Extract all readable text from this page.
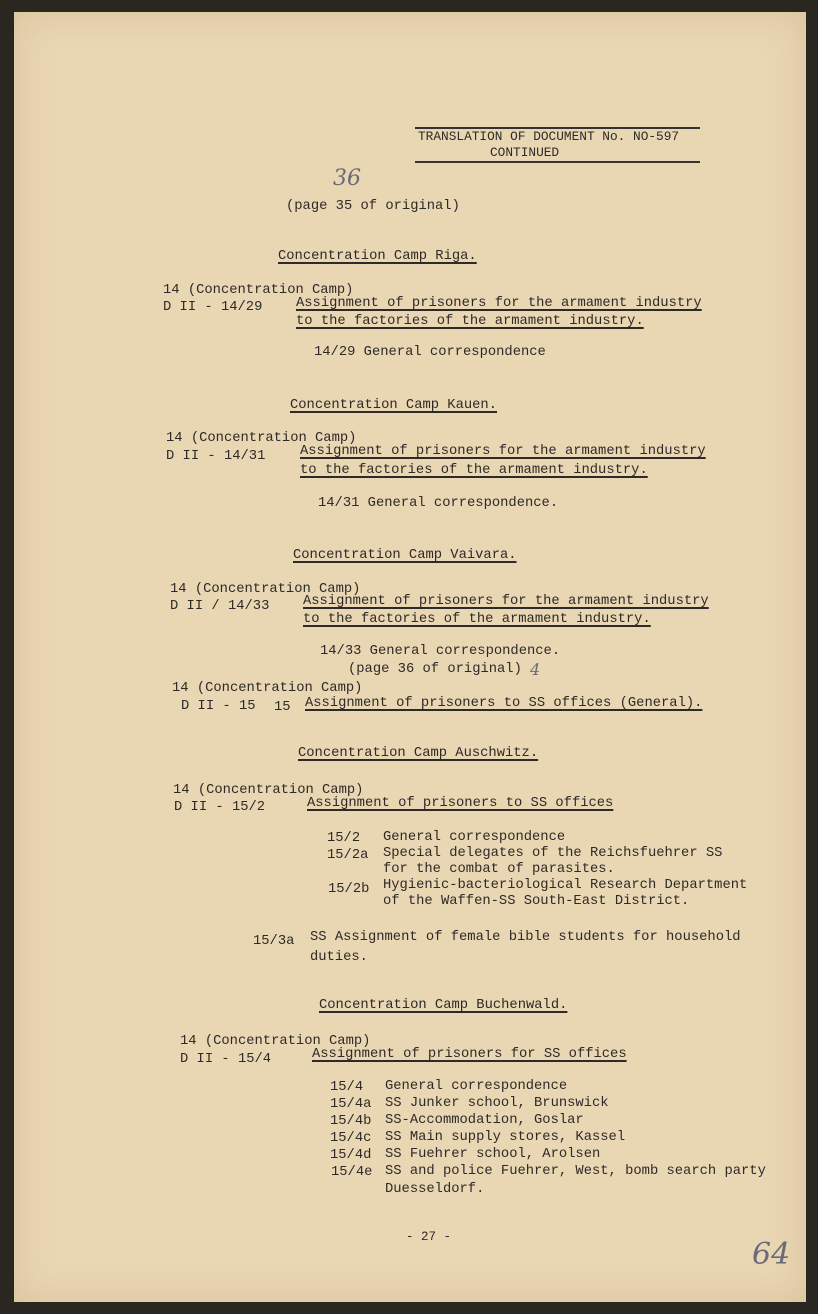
TRANSLATION OF DOCUMENT No. NO-597
CONTINUED
36
(page 35 of original)
Concentration Camp Riga.
14 (Concentration Camp)
D II - 14/29 Assignment of prisoners for the armament industry
to the factories of the armament industry.
14/29 General correspondence
Concentration Camp Kauen.
14 (Concentration Camp)
D II - 14/31	Assignment of prisoners for the armament industry
to the factories of the armament industry.
14/31 General correspondence.
Concentration Camp Vaivara.
14 (Concentration Camp)
D II / 14/33 Assignment of prisoners for the armament industry
to the factories of the armament industry.
14/33 General correspondence.
(page 36 of original) 4
14 (Concentration Camp)
D II - 15 15 Assignment of prisoners to SS offices (General).
Concentration Camp Auschwitz.
14 (Concentration Camp)
D II - 15/2	Assignment of prisoners to SS offices
15/2 General correspondence
15/2a Special delegates of the Reichsfuehrer SS
for the combat of parasites.
15/2b Hygienic-bacteriological Research Department
of the Waffen-SS South-East District.
15/3a SS Assignment of female bible students for household
duties.
Concentration Camp Buchenwald.
14 (Concentration Camp)
D II - 15/4	Assignment of prisoners for SS offices
15/4 General correspondence
15/4a SS Junker school, Brunswick
15/4b SS-Accommodation, Goslar
15/4c SS Main supply stores, Kassel
15/4d SS Fuehrer school, Arolsen
15/4e SS and police Fuehrer, West, bomb search party
Duesseldorf.
- 27 -	64
